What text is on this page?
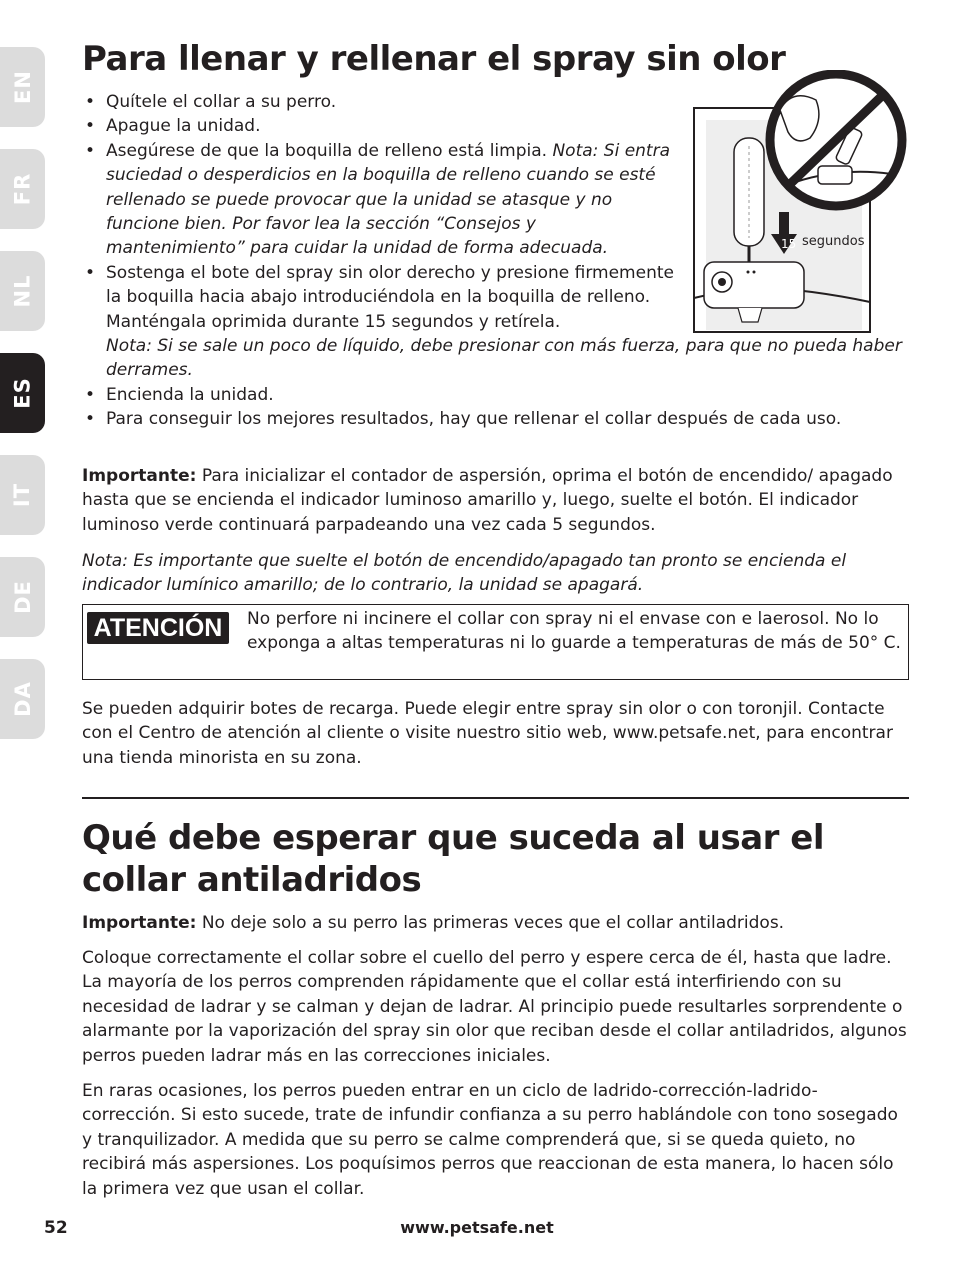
EN
FR
NL
ES
IT
DE
DA
Para llenar y rellenar el spray sin olor
• Quítele el collar a su perro.
• Apague la unidad.
• Asegúrese de que la boquilla de relleno está limpia. Nota: Si entra suciedad o desperdicios en la boquilla de relleno cuando se esté rellenado se puede provocar que la unidad se atasque y no funcione bien. Por favor lea la sección “Consejos y mantenimiento” para cuidar la unidad de forma adecuada.
• Sostenga el bote del spray sin olor derecho y presione firmemente la boquilla hacia abajo introduciéndola en la boquilla de relleno. Manténgala oprimida durante 15 segundos y retírela.
Nota: Si se sale un poco de líquido, debe presionar con más fuerza, para que no pueda haber derrames.
• Encienda la unidad.
• Para conseguir los mejores resultados, hay que rellenar el collar después de cada uso.
Importante: Para inicializar el contador de aspersión, oprima el botón de encendido/ apagado hasta que se encienda el indicador luminoso amarillo y, luego, suelte el botón. El indicador luminoso verde continuará parpadeando una vez cada 5 segundos.
Nota: Es importante que suelte el botón de encendido/apagado tan pronto se encienda el indicador lumínico amarillo; de lo contrario, la unidad se apagará.
ATENCIÓN	No perfore ni incinere el collar con spray ni el envase con e laerosol. No lo exponga a altas temperaturas ni lo guarde a temperaturas de más de 50° C.
Se pueden adquirir botes de recarga. Puede elegir entre spray sin olor o con toronjil. Contacte con el Centro de atención al cliente o visite nuestro sitio web, www.petsafe.net, para encontrar una tienda minorista en su zona.
15 segundos
Qué debe esperar que suceda al usar el collar antiladridos
Importante: No deje solo a su perro las primeras veces que el collar antiladridos.
Coloque correctamente el collar sobre el cuello del perro y espere cerca de él, hasta que ladre. La mayoría de los perros comprenden rápidamente que el collar está interfiriendo con su necesidad de ladrar y se calman y dejan de ladrar. Al principio puede resultarles sorprendente o alarmante por la vaporización del spray sin olor que reciban desde el collar antiladridos, algunos perros pueden ladrar más en las correcciones iniciales.
En raras ocasiones, los perros pueden entrar en un ciclo de ladrido-corrección-ladrido-corrección. Si esto sucede, trate de infundir confianza a su perro hablándole con tono sosegado y tranquilizador. A medida que su perro se calme comprenderá que, si se queda quieto, no recibirá más aspersiones. Los poquísimos perros que reaccionan de esta manera, lo hacen sólo la primera vez que usan el collar.
52	www.petsafe.net
